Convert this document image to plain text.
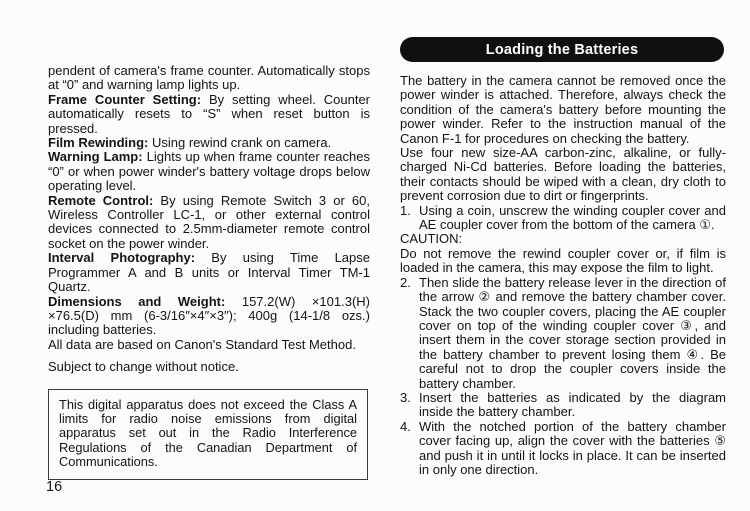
pendent of camera's frame counter. Automatically stops at “0” and warning lamp lights up.

Frame Counter Setting: By setting wheel. Counter automatically resets to “S” when reset button is pressed.

Film Rewinding: Using rewind crank on camera.

Warning Lamp: Lights up when frame counter reaches “0” or when power winder's battery voltage drops below operating level.

Remote Control: By using Remote Switch 3 or 60, Wireless Controller LC-1, or other external control devices connected to 2.5mm-diameter remote control socket on the power winder.

Interval Photography: By using Time Lapse Programmer A and B units or Interval Timer TM-1 Quartz.

Dimensions and Weight: 157.2(W) ×101.3(H) ×76.5(D) mm (6-3/16″×4″×3″); 400g (14-1/8 ozs.) including batteries.

All data are based on Canon's Standard Test Method.

Subject to change without notice.

This digital apparatus does not exceed the Class A limits for radio noise emissions from digital apparatus set out in the Radio Interference Regulations of the Canadian Department of Communications.

Loading the Batteries

The battery in the camera cannot be removed once the power winder is attached. Therefore, always check the condition of the camera's battery before mounting the power winder. Refer to the instruction manual of the Canon F-1 for procedures on checking the battery.

Use four new size-AA carbon-zinc, alkaline, or fully-charged Ni-Cd batteries. Before loading the batteries, their contacts should be wiped with a clean, dry cloth to prevent corrosion due to dirt or fingerprints.

1. Using a coin, unscrew the winding coupler cover and AE coupler cover from the bottom of the camera ①.

CAUTION:

Do not remove the rewind coupler cover or, if film is loaded in the camera, this may expose the film to light.

2. Then slide the battery release lever in the direction of the arrow ② and remove the battery chamber cover. Stack the two coupler covers, placing the AE coupler cover on top of the winding coupler cover ③, and insert them in the cover storage section provided in the battery chamber to prevent losing them ④. Be careful not to drop the coupler covers inside the battery chamber.
3. Insert the batteries as indicated by the diagram inside the battery chamber.
4. With the notched portion of the battery chamber cover facing up, align the cover with the batteries ⑤ and push it in until it locks in place. It can be inserted in only one direction.
16
